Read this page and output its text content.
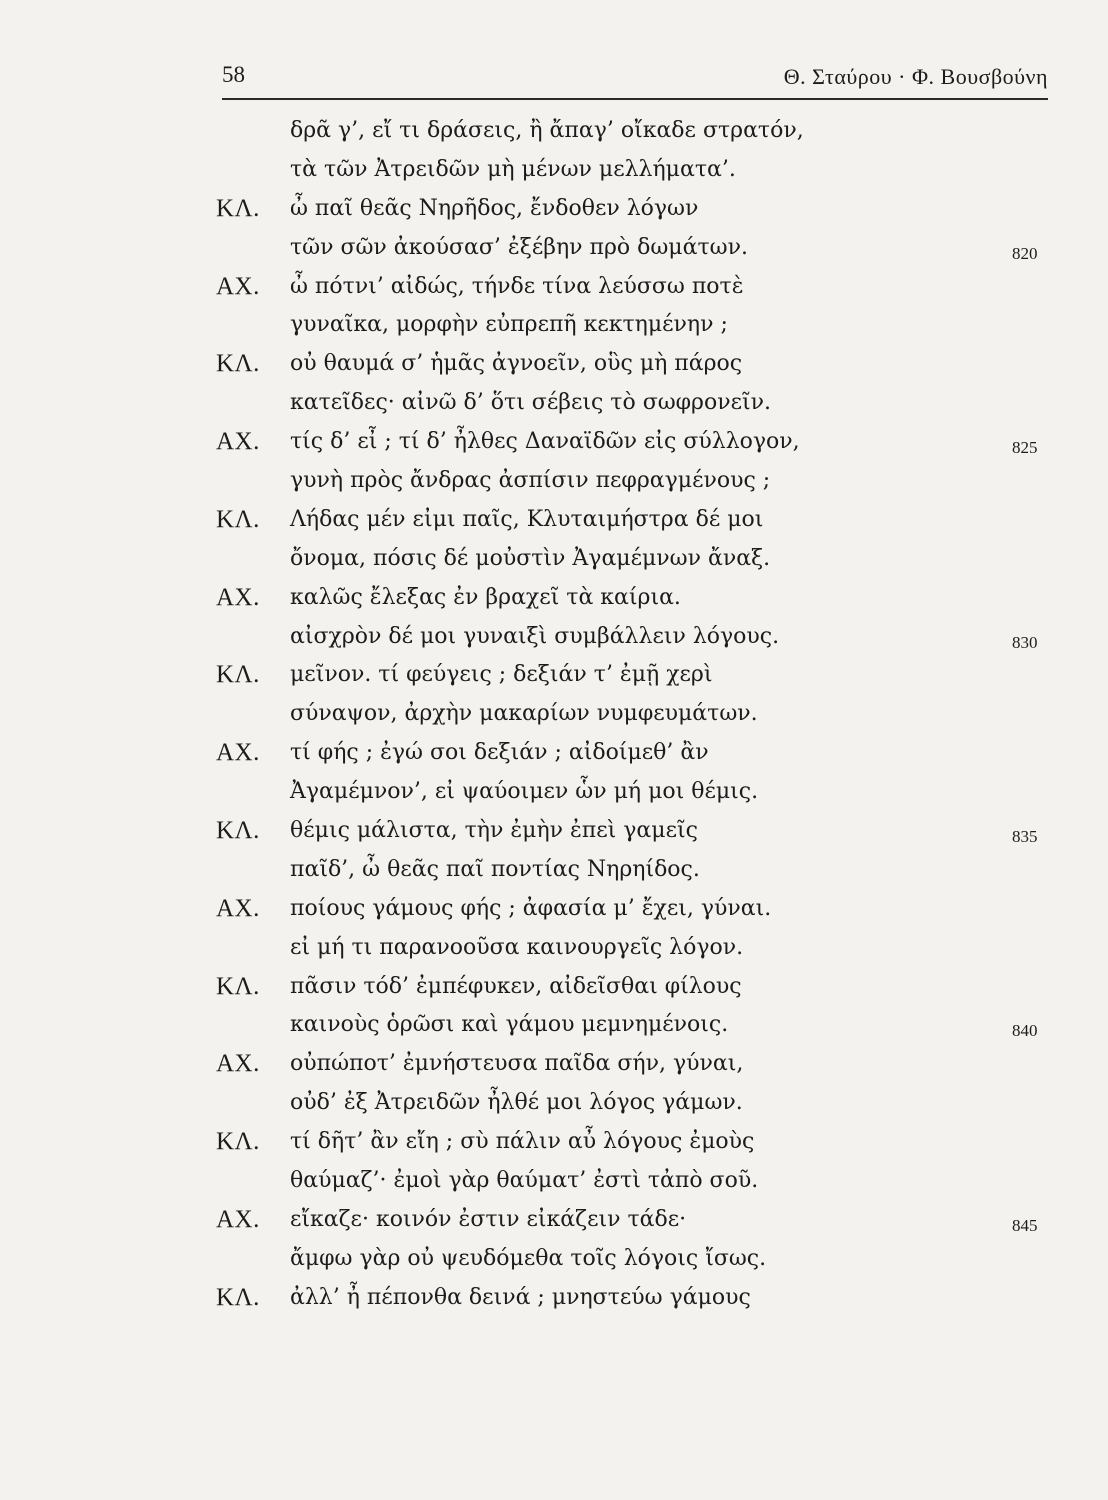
58	Θ. Σταύρου · Φ. Βουσβούνη
δρᾶ γ’, εἴ τι δράσεις, ἢ ἄπαγ’ οἴκαδε στρατόν,
τὰ τῶν Ἀτρειδῶν μὴ μένων μελλήματα’.
ΚΛ. ὦ παῖ θεᾶς Νηρῆδος, ἔνδοθεν λόγων
τῶν σῶν ἀκούσασ’ ἐξέβην πρὸ δωμάτων.	820
ΑΧ. ὦ πότνι’ αἰδώς, τήνδε τίνα λεύσσω ποτὲ
γυναῖκα, μορφὴν εὐπρεπῆ κεκτημένην ;
ΚΛ. οὐ θαυμά σ’ ἡμᾶς ἀγνοεῖν, οὓς μὴ πάρος
κατεῖδες· αἰνῶ δ’ ὅτι σέβεις τὸ σωφρονεῖν.
ΑΧ. τίς δ’ εἶ ; τί δ’ ἦλθες Δαναϊδῶν εἰς σύλλογον,	825
γυνὴ πρὸς ἄνδρας ἀσπίσιν πεφραγμένους ;
ΚΛ. Λήδας μέν εἰμι παῖς, Κλυταιμήστρα δέ μοι
ὄνομα, πόσις δέ μοὐστὶν Ἀγαμέμνων ἄναξ.
ΑΧ. καλῶς ἔλεξας ἐν βραχεῖ τὰ καίρια.
αἰσχρὸν δέ μοι γυναιξὶ συμβάλλειν λόγους.	830
ΚΛ. μεῖνον. τί φεύγεις ; δεξιάν τ’ ἐμῇ χερὶ
σύναψον, ἀρχὴν μακαρίων νυμφευμάτων.
ΑΧ. τί φής ; ἐγώ σοι δεξιάν ; αἰδοίμεθ’ ἂν
Ἀγαμέμνον’, εἰ ψαύοιμεν ὧν μή μοι θέμις.
ΚΛ. θέμις μάλιστα, τὴν ἐμὴν ἐπεὶ γαμεῖς	835
παῖδ’, ὦ θεᾶς παῖ ποντίας Νηρηίδος.
ΑΧ. ποίους γάμους φής ; ἀφασία μ’ ἔχει, γύναι.
εἰ μή τι παρανοοῦσα καινουργεῖς λόγον.
ΚΛ. πᾶσιν τόδ’ ἐμπέφυκεν, αἰδεῖσθαι φίλους
καινοὺς ὁρῶσι καὶ γάμου μεμνημένοις.	840
ΑΧ. οὐπώποτ’ ἐμνήστευσα παῖδα σήν, γύναι,
οὐδ’ ἐξ Ἀτρειδῶν ἦλθέ μοι λόγος γάμων.
ΚΛ. τί δῆτ’ ἂν εἴη ; σὺ πάλιν αὖ λόγους ἐμοὺς
θαύμαζ’· ἐμοὶ γὰρ θαύματ’ ἐστὶ τἀπὸ σοῦ.
ΑΧ. εἴκαζε· κοινόν ἐστιν εἰκάζειν τάδε·	845
ἄμφω γὰρ οὐ ψευδόμεθα τοῖς λόγοις ἴσως.
ΚΛ. ἀλλ’ ἦ πέπονθα δεινά ; μνηστεύω γάμους
